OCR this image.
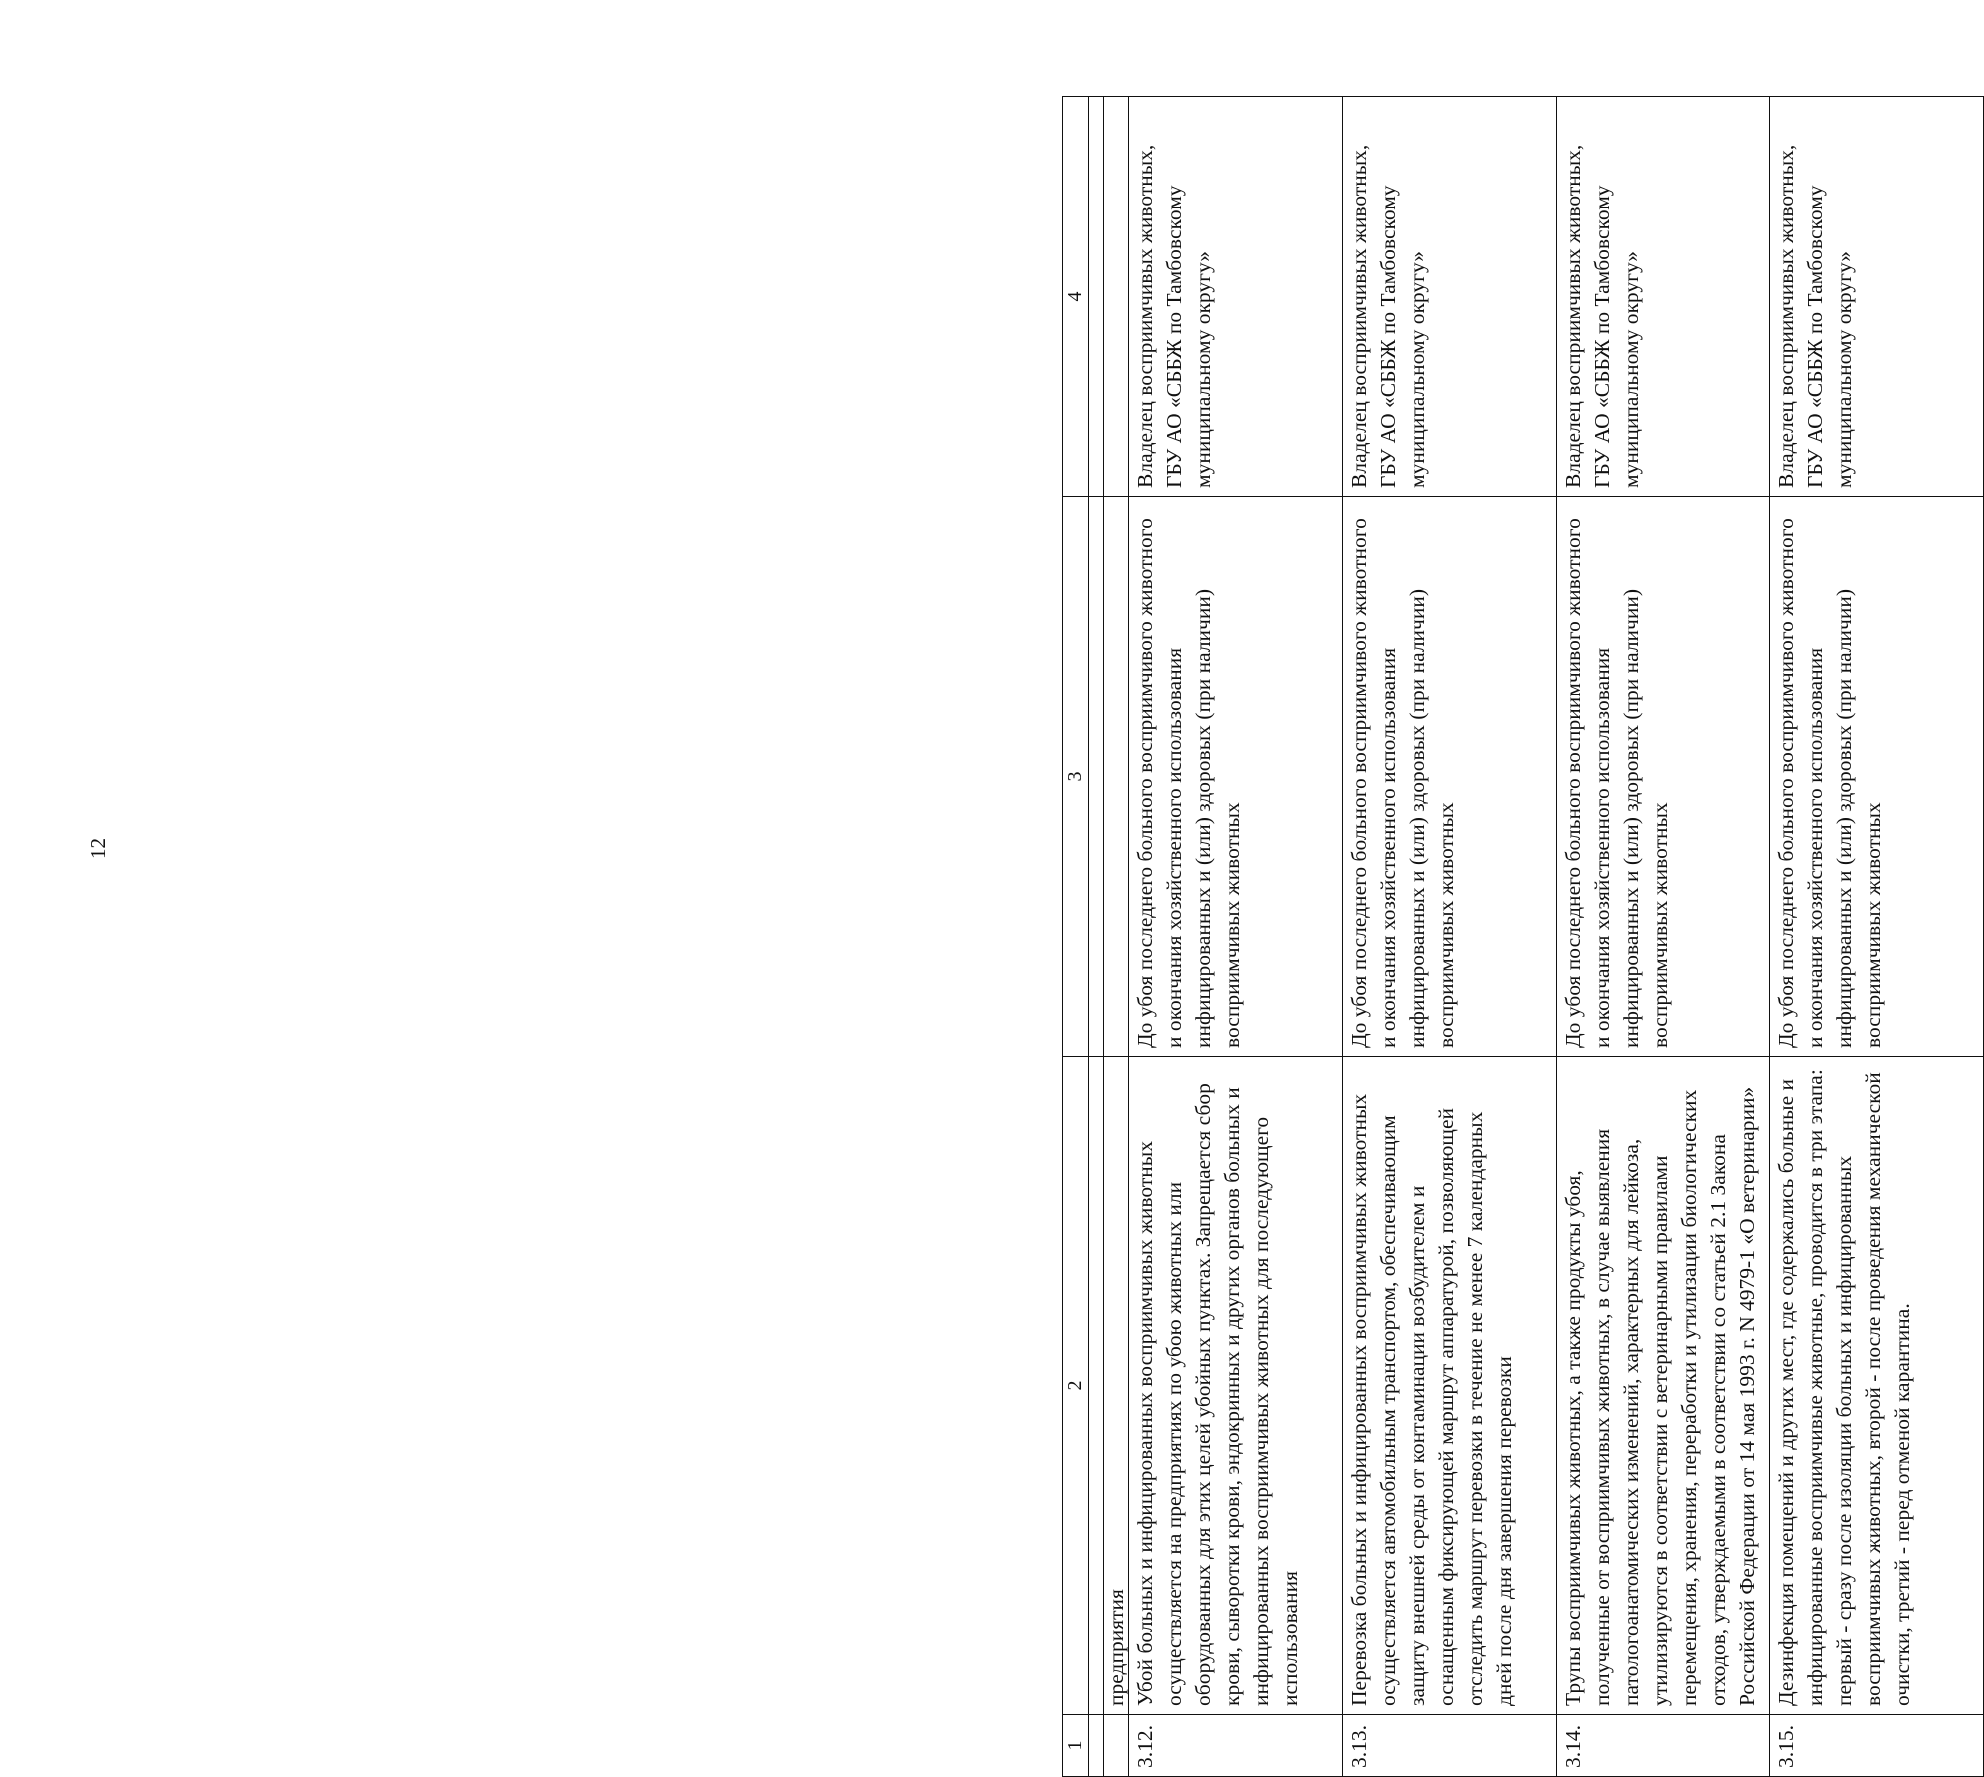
12
1	2	3	4

	предприятия		
3.12.	Убой больных и инфицированных восприимчивых животных осуществляется на предприятиях по убою животных или оборудованных для этих целей убойных пунктах. Запрещается сбор крови, сыворотки крови, эндокринных и других органов больных и инфицированных восприимчивых животных для последующего использования	До убоя последнего больного восприимчивого животного и окончания хозяйственного использования инфицированных и (или) здоровых (при наличии) восприимчивых животных	Владелец восприимчивых животных, ГБУ АО «СББЖ по Тамбовскому муниципальному округу»
3.13.	Перевозка больных и инфицированных восприимчивых животных осуществляется автомобильным транспортом, обеспечивающим защиту внешней среды от контаминации возбудителем и оснащенным фиксирующей маршрут аппаратурой, позволяющей отследить маршрут перевозки в течение не менее 7 календарных дней после дня завершения перевозки	До убоя последнего больного восприимчивого животного и окончания хозяйственного использования инфицированных и (или) здоровых (при наличии) восприимчивых животных	Владелец восприимчивых животных, ГБУ АО «СББЖ по Тамбовскому муниципальному округу»
3.14.	Трупы восприимчивых животных, а также продукты убоя, полученные от восприимчивых животных, в случае выявления патологоанатомических изменений, характерных для лейкоза, утилизируются в соответствии с ветеринарными правилами перемещения, хранения, переработки и утилизации биологических отходов, утверждаемыми в соответствии со статьей 2.1 Закона Российской Федерации от 14 мая 1993 г. N 4979-1 «О ветеринарии»	До убоя последнего больного восприимчивого животного и окончания хозяйственного использования инфицированных и (или) здоровых (при наличии) восприимчивых животных	Владелец восприимчивых животных, ГБУ АО «СББЖ по Тамбовскому муниципальному округу»
3.15.	Дезинфекция помещений и других мест, где содержались больные и инфицированные восприимчивые животные, проводится в три этапа: первый - сразу после изоляции больных и инфицированных восприимчивых животных, второй - после проведения механической очистки, третий - перед отменой карантина.	До убоя последнего больного восприимчивого животного и окончания хозяйственного использования инфицированных и (или) здоровых (при наличии) восприимчивых животных	Владелец восприимчивых животных, ГБУ АО «СББЖ по Тамбовскому муниципальному округу»
